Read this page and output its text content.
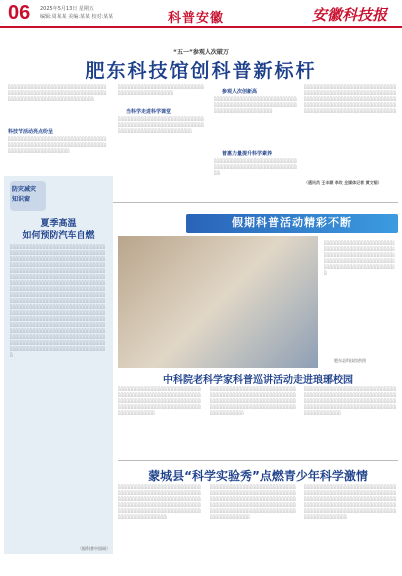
06 2025年5月13日 星期五
编辑:周某某 美编:某某 校对:某某	科普安徽	安徽科技报
“五一”参观人次破万
肥东科技馆创科普新标杆
░░░░░░░░░░░░░░░░░░░░░░░░░░░░░░░░░░░░░░░░░░░░░░░░░░░░░░░░░░░░░░░░░░░░░░░░░░░░░░░░░░░░░░░░░░░░
科技节活动亮点纷呈
░░░░░░░░░░░░░░░░░░░░░░░░░░░░░░░░░░░░░░░░░░░░░░░░░░░░░░░░░░░░░░░░░░░░░░░░░░░░░░░░░░░░
░░░░░░░░░░░░░░░░░░░░░░░░░░░░░░░░░░░░░░░░░░░░░░
当科学走进科学课堂
░░░░░░░░░░░░░░░░░░░░░░░░░░░░░░░░░░░░░░░░░░░░░░░░░░░░░░░░░░░░░░░░░░░░░░░░░░░░░░░░
参观人次创新高
░░░░░░░░░░░░░░░░░░░░░░░░░░░░░░░░░░░░░░░░░░░░░░░░░░░░░░░░░░░░░░░░░░░░░░░░░
普惠力量提升科学素养
░░░░░░░░░░░░░░░░░░░░░░░░░░░░░░░░░░░░░░░░░░░░░░░░░░░░░░░░
░░░░░░░░░░░░░░░░░░░░░░░░░░░░░░░░░░░░░░░░░░░░░░░░░░░░░░░░░░░░░░░░░░░░░░░░░░░░░░░░░░░░░░░░░░░░░░░░░░░░░░░░░░░░░░░░░░░░░░░░░░░░░░░░░░░░░░░░░░░░░░░░░░░░░░
（通讯员 王丰顺 李玫 全媒体记者 黄文韬）
防灾减灾
知识窗
夏季高温
如何预防汽车自燃
░░░░░░░░░░░░░░░░░░░░░░░░░░░░░░░░░░░░░░░░░░░░░░░░░░░░░░░░░░░░░░░░░░░░░░░░░░░░░░░░░░░░░░░░░░░░░░░░░░░░░░░░░░░░░░░░░░░░░░░░░░░░░░░░░░░░░░░░░░░░░░░░░░░░░░░░░░░░░░░░░░░░░░░░░░░░░░░░░░░░░░░░░░░░░░░░░░░░░░░░░░░░░░░░░░░░░░░░░░░░░░░░░░░░░░░░░░░░░░░░░░░░░░░░░░░░░░░░░░░░░░░░░░░░░░░░░░░░░░░░░░░░░░░░░░░░░░░░░░░░░░░░░░░░░░░░░░░░░░░░░░░░░░░░░░░░░░░░░░░░░░░░░░░░░░░░░░░░░░░░░░░░░░░░░░░░░░░░░░░░░░░░░░░░░░░░░░░░░░░░░░░░░░░░░░░░░░░░░░░░░░░░░░░░░░░░░░░░░░░░░░░░░░░░░░░░░░░░░░░░░░░░░░░░░░░░░░░░░░░░░░░░░░░░░░░░░░░░░░░░░░░░░░░░░░░░░░░░░░░░░░░░░░░░░░░░░░░░░░░░░░░░░░░░░░░░░░░░░░░
（据科普中国网）
假期科普活动精彩不断
░░░░░░░░░░░░░░░░░░░░░░░░░░░░░░░░░░░░░░░░░░░░░░░░░░░░░░░░░░░░░░░░░░░░░░░░░░░░░░░░░░░░░░░░░░░░░░░░░░░░░░░░░░░░░░░░░░░░
肥东县科技馆供图
中科院老科学家科普巡讲活动走进琅琊校园
░░░░░░░░░░░░░░░░░░░░░░░░░░░░░░░░░░░░░░░░░░░░░░░░░░░░░░░░░░░░░░░░░░░░░░░░░░░░░░░░░░░░░░░░░░░░░░░░░░░░░░░░░░░░░░░░░░░░░░░░
░░░░░░░░░░░░░░░░░░░░░░░░░░░░░░░░░░░░░░░░░░░░░░░░░░░░░░░░░░░░░░░░░░░░░░░░░░░░░░░░░░░░░░░░░░░░░░░░░░░░░░░░░░░░░░░░░░░░░░░░░░░
░░░░░░░░░░░░░░░░░░░░░░░░░░░░░░░░░░░░░░░░░░░░░░░░░░░░░░░░░░░░░░░░░░░░░░░░░░░░░░░░░░░░░░░░░░░░░░░░░░░░░░░░░░░░░░░░░░░░░░░░░░░░░░░░░░░░
蒙城县“科学实验秀”点燃青少年科学激情
░░░░░░░░░░░░░░░░░░░░░░░░░░░░░░░░░░░░░░░░░░░░░░░░░░░░░░░░░░░░░░░░░░░░░░░░░░░░░░░░░░░░░░░░░░░░░░░░░░░░░░░░░░░░░░░░░░░░░░░░░░░░░░░░░░░░░░░░░░░░░░░░░░░░░░░
░░░░░░░░░░░░░░░░░░░░░░░░░░░░░░░░░░░░░░░░░░░░░░░░░░░░░░░░░░░░░░░░░░░░░░░░░░░░░░░░░░░░░░░░░░░░░░░░░░░░░░░░░░░░░░░░░░░░░░░░░░░░░░░░░░░░░░░░░░░░░░░░░░░░░░░░░
░░░░░░░░░░░░░░░░░░░░░░░░░░░░░░░░░░░░░░░░░░░░░░░░░░░░░░░░░░░░░░░░░░░░░░░░░░░░░░░░░░░░░░░░░░░░░░░░░░░░░░░░░░░░░░░░░░░░░░░░░░░░░░░░░░░░░░░░░░░░░░░░░░░░░░░░░░░░░░░░░░░░
